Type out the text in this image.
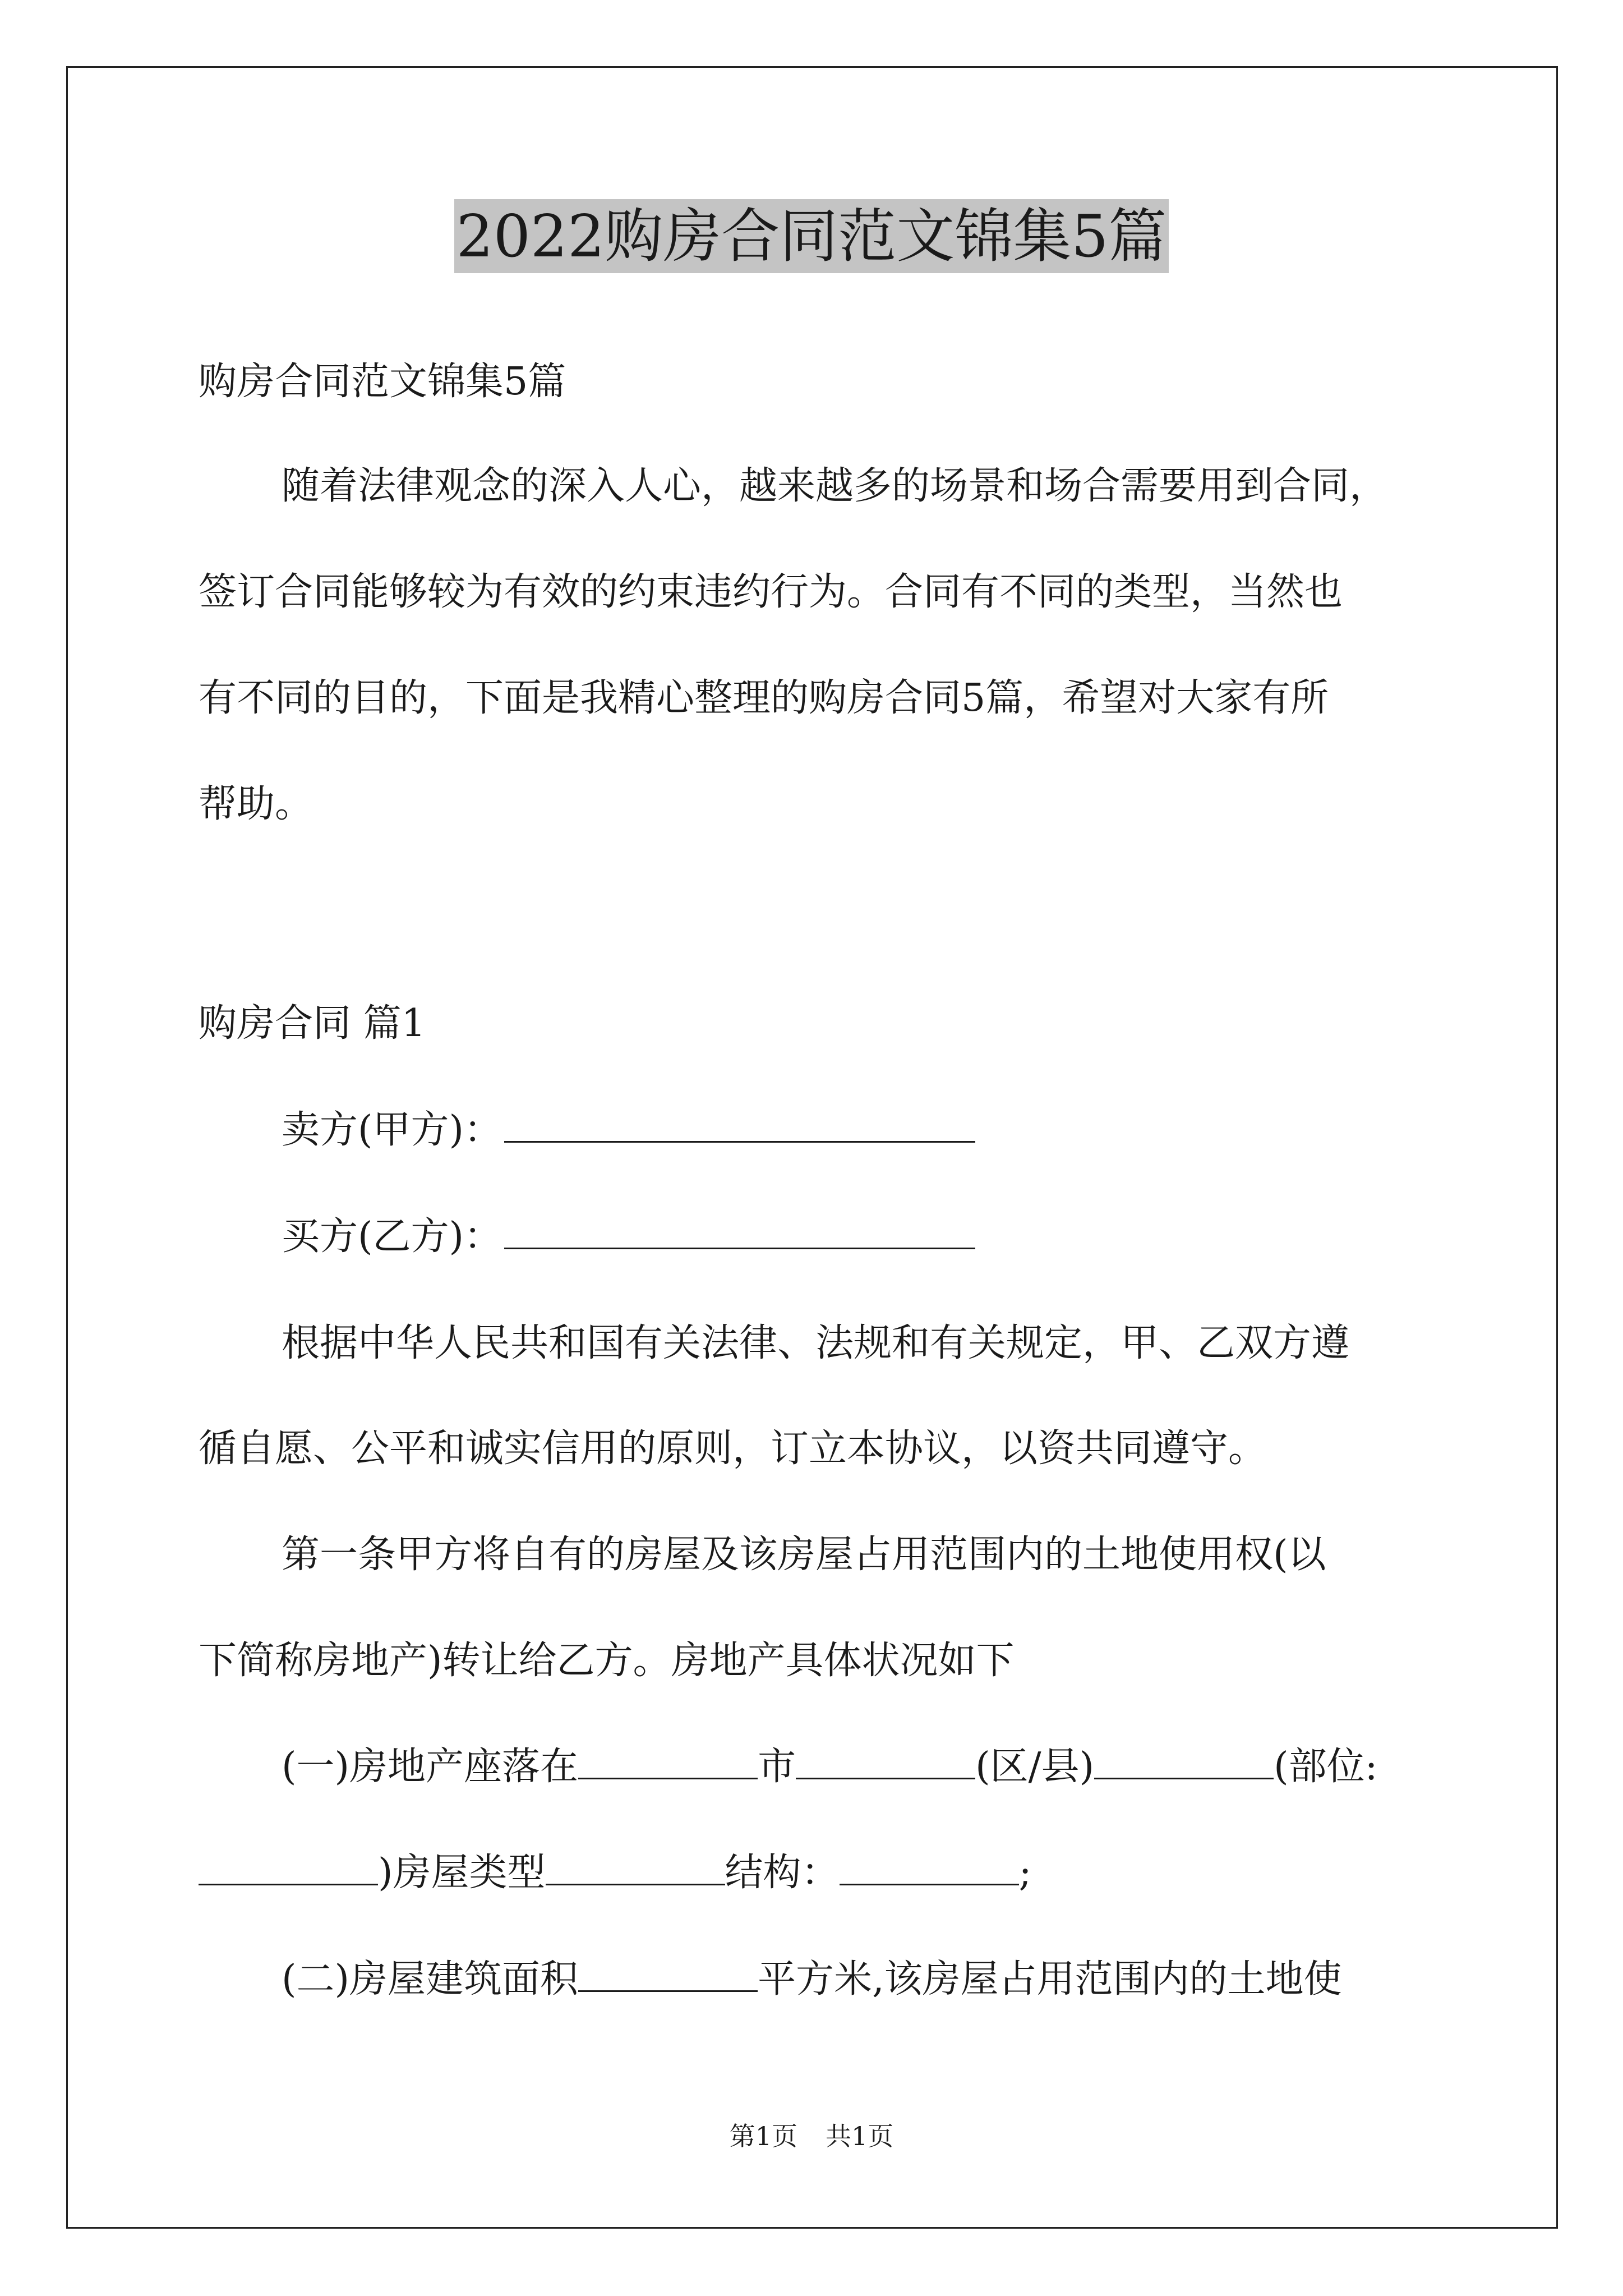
2022购房合同范文锦集5篇
购房合同范文锦集5篇
随着法律观念的深入人心，越来越多的场景和场合需要用到合同，
签订合同能够较为有效的约束违约行为。合同有不同的类型，当然也
有不同的目的，下面是我精心整理的购房合同5篇，希望对大家有所
帮助。
购房合同 篇1
卖方(甲方)：
买方(乙方)：
根据中华人民共和国有关法律、法规和有关规定，甲、乙双方遵
循自愿、公平和诚实信用的原则，订立本协议，以资共同遵守。
第一条甲方将自有的房屋及该房屋占用范围内的土地使用权(以
下简称房地产)转让给乙方。房地产具体状况如下
(一)房地产座落在	市	(区/县)	(部位:
)房屋类型	结构：	;
(二)房屋建筑面积	平方米,该房屋占用范围内的土地使
第1页 共1页
